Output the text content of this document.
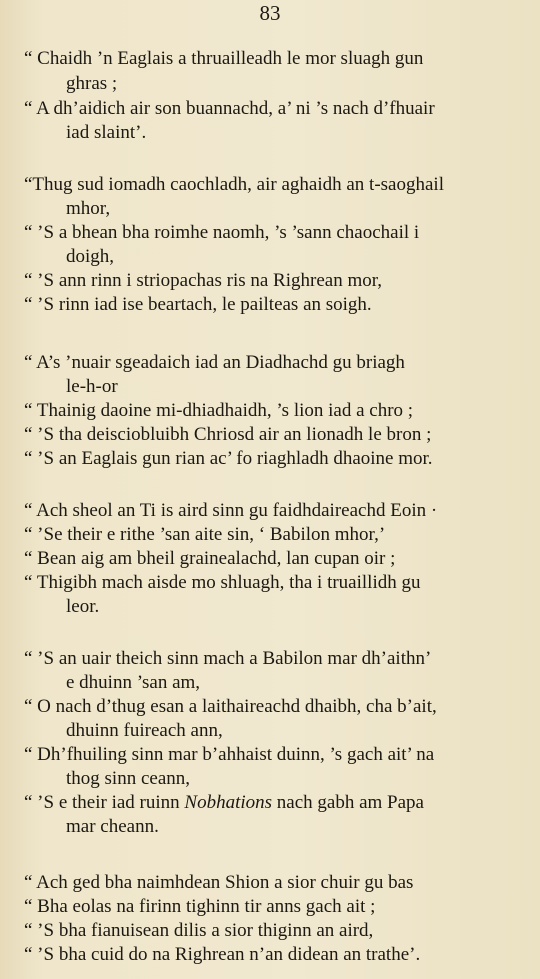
83
“ Chaidh ’n Eaglais a thruailleadh le mor sluagh gun
ghras ;
“ A dh’aidich air son buannachd, a’ ni ’s nach d’fhuair
iad slaint’.
“Thug sud iomadh caochladh, air aghaidh an t-saoghail
mhor,
“ ’S a bhean bha roimhe naomh, ’s ’sann chaochail i
doigh,
“ ’S ann rinn i striopachas ris na Righrean mor,
“ ’S rinn iad ise beartach, le pailteas an soigh.
“ A’s ’nuair sgeadaich iad an Diadhachd gu briagh
le-h-or
“ Thainig daoine mi-dhiadhaidh, ’s lion iad a chro ;
“ ’S tha deisciobluibh Chriosd air an lionadh le bron ;
“ ’S an Eaglais gun rian ac’ fo riaghladh dhaoine mor.
“ Ach sheol an Ti is aird sinn gu faidhdaireachd Eoin ·
“ ’Se their e rithe ’san aite sin, ‘ Babilon mhor,’
“ Bean aig am bheil grainealachd, lan cupan oir ;
“ Thigibh mach aisde mo shluagh, tha i truaillidh gu
leor.
“ ’S an uair theich sinn mach a Babilon mar dh’aithn’
e dhuinn ’san am,
“ O nach d’thug esan a laithaireachd dhaibh, cha b’ait,
dhuinn fuireach ann,
“ Dh’fhuiling sinn mar b’ahhaist duinn, ’s gach ait’ na
thog sinn ceann,
“ ’S e their iad ruinn Nobhations nach gabh am Papa
mar cheann.
“ Ach ged bha naimhdean Shion a sior chuir gu bas
“ Bha eolas na firinn tighinn tir anns gach ait ;
“ ’S bha fianuisean dilis a sior thiginn an aird,
“ ’S bha cuid do na Righrean n’an didean an trathe’.
